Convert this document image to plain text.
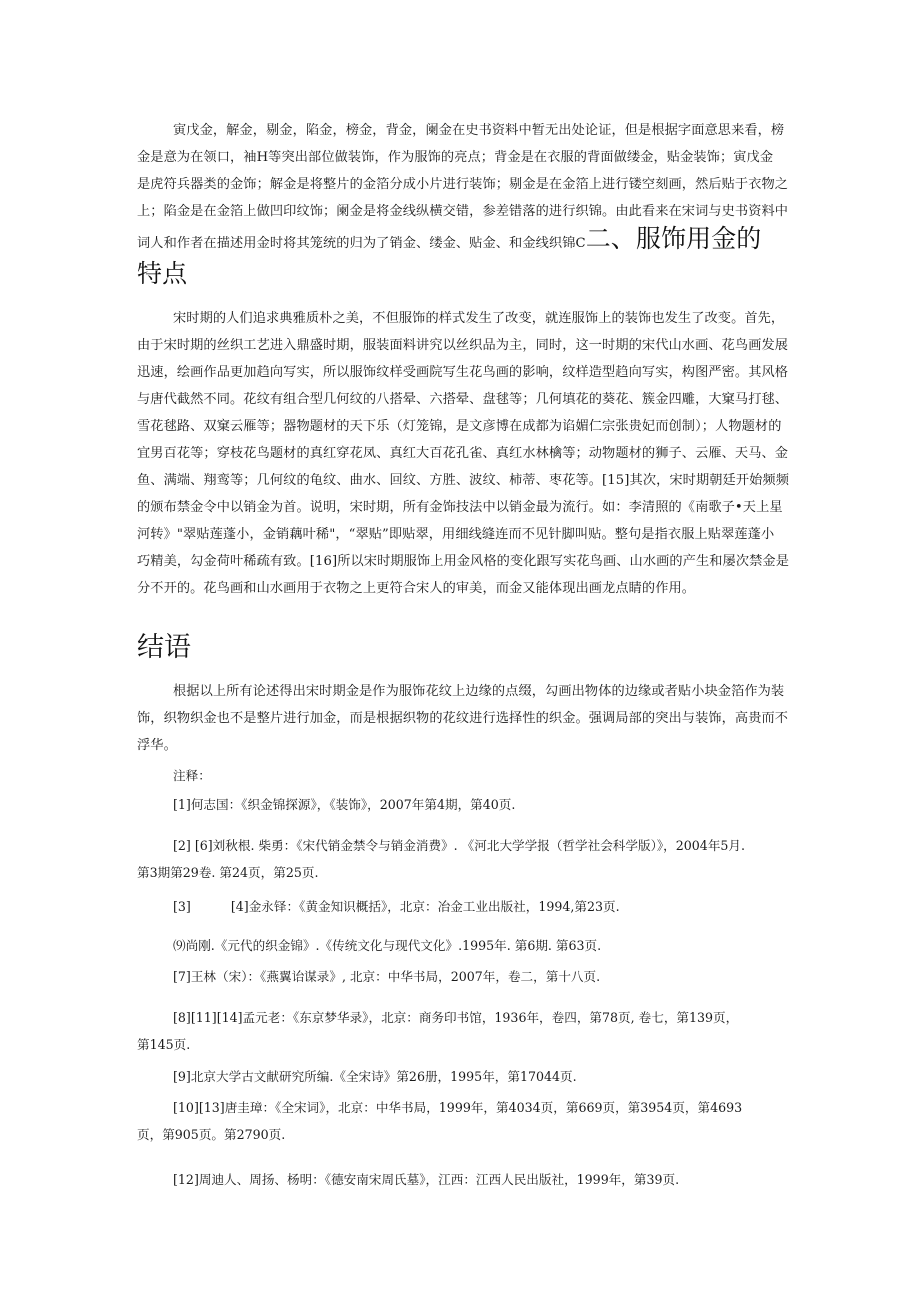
寅戊金，解金，剔金，陷金，榜金，背金，阑金在史书资料中暂无出处论证，但是根据字面意思来看，榜
金是意为在领口，袖H等突出部位做装饰，作为服饰的亮点；背金是在衣服的背面做缕金，贴金装饰；寅戊金
是虎符兵器类的金饰；解金是将整片的金箔分成小片进行装饰；剔金是在金箔上进行镂空刻画，然后贴于衣物之
上；陷金是在金箔上做凹印纹饰；阑金是将金线纵横交错，参差错落的进行织锦。由此看来在宋词与史书资料中
词人和作者在描述用金时将其笼统的归为了销金、缕金、贴金、和金线织锦C二、服饰用金的
特点
宋时期的人们追求典雅质朴之美，不但服饰的样式发生了改变，就连服饰上的装饰也发生了改变。首先，
由于宋时期的丝织工艺进入鼎盛时期，服装面料讲究以丝织品为主，同时，这一时期的宋代山水画、花鸟画发展
迅速，绘画作品更加趋向写实，所以服饰纹样受画院写生花鸟画的影响，纹样造型趋向写实，构图严密。其风格
与唐代截然不同。花纹有组合型几何纹的八搭晕、六搭晕、盘毬等；几何填花的葵花、簇金四雕，大窠马打毬、
雪花毬路、双窠云雁等；器物题材的天下乐（灯笼锦，是文彦博在成都为谄媚仁宗张贵妃而创制）；人物题材的
宜男百花等；穿枝花鸟题材的真红穿花凤、真红大百花孔雀、真红水林檎等；动物题材的狮子、云雁、天马、金
鱼、满端、翔鸾等；几何纹的龟纹、曲水、回纹、方胜、波纹、柿蒂、枣花等。[15]其次，宋时期朝廷开始频频
的颁布禁金令中以销金为首。说明，宋时期，所有金饰技法中以销金最为流行。如：李清照的《南歌子•天上星
河转》"翠贴莲蓬小，金销藕叶稀"，“翠贴”即贴翠，用细线缝连而不见针脚叫贴。整句是指衣服上贴翠莲蓬小
巧精美，勾金荷叶稀疏有致。[16]所以宋时期服饰上用金风格的变化跟写实花鸟画、山水画的产生和屡次禁金是
分不开的。花鸟画和山水画用于衣物之上更符合宋人的审美，而金又能体现出画龙点睛的作用。
结语
根据以上所有论述得出宋时期金是作为服饰花纹上边缘的点缀，勾画出物体的边缘或者贴小块金箔作为装
饰，织物织金也不是整片进行加金，而是根据织物的花纹进行选择性的织金。强调局部的突出与装饰，高贵而不
浮华。
注释：
[1]何志国：《织金锦探源》，《装饰》，2007年第4期，第40页.
[2] [6]刘秋根. 柴勇：《宋代销金禁令与销金消费》. 《河北大学学报（哲学社会科学版）》，2004年5月.
第3期第29卷. 第24页，第25页.
[3]          [4]金永铎：《黄金知识概括》，北京：冶金工业出版社，1994,第23页.
⑼尚刚.《元代的织金锦》.《传统文化与现代文化》.1995年. 第6期. 第63页.
[7]王林（宋）：《燕翼诒谋录》, 北京：中华书局，2007年，卷二，第十八页.
[8][11][14]孟元老：《东京梦华录》，北京：商务印书馆，1936年，卷四，第78页, 卷七，第139页，
第145页.
[9]北京大学古文献研究所编.《全宋诗》第26册，1995年，第17044页.
[10][13]唐圭璋：《全宋词》，北京：中华书局，1999年，第4034页，第669页，第3954页，第4693
页，第905页。第2790页.
[12]周迪人、周扬、杨明：《德安南宋周氏墓》，江西：江西人民出版社，1999年，第39页.
